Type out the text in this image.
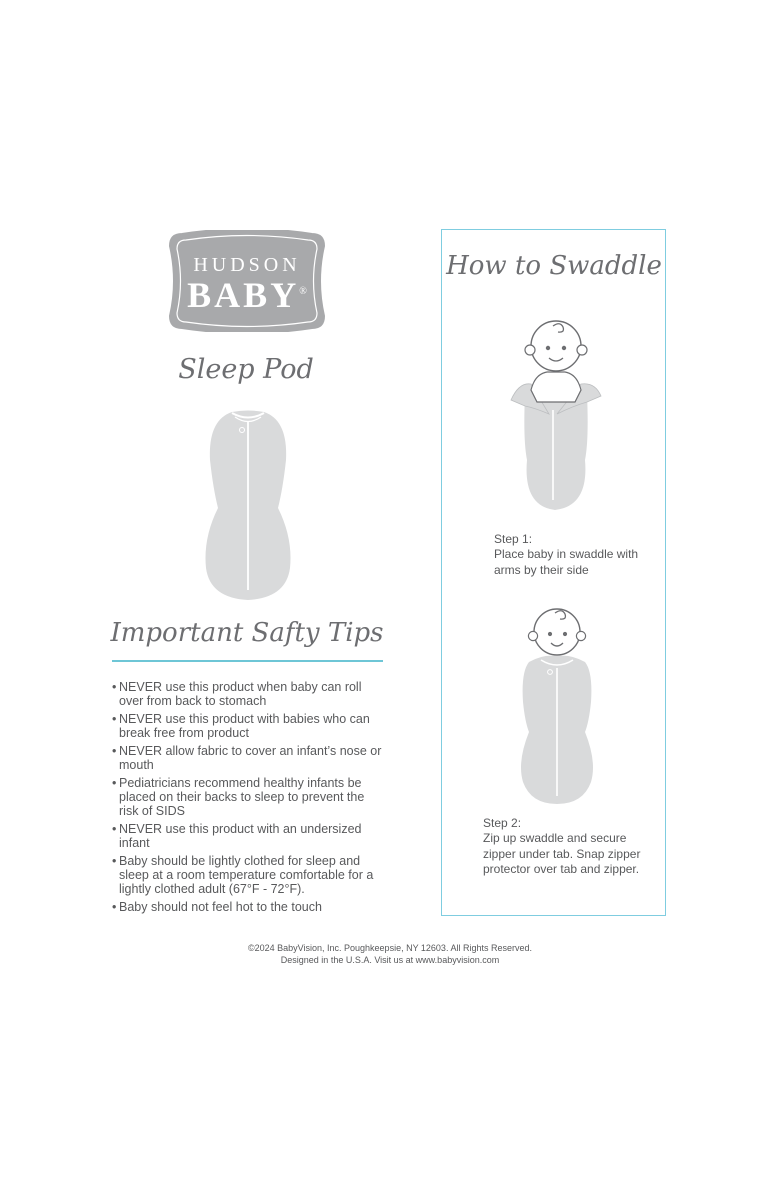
HUDSON
BABY®
Sleep Pod
Important Safty Tips
• NEVER use this product when baby can roll over from back to stomach
• NEVER use this product with babies who can break free from product
• NEVER allow fabric to cover an infant’s nose or mouth
• Pediatricians recommend healthy infants be placed on their backs to sleep to prevent the risk of SIDS
• NEVER use this product with an undersized infant
• Baby should be lightly clothed for sleep and sleep at a room temperature comfortable for a lightly clothed adult (67°F - 72°F).
• Baby should not feel hot to the touch
How to Swaddle
Step 1:
Place baby in swaddle with arms by their side
Step 2:
Zip up swaddle and secure zipper under tab. Snap zipper protector over tab and zipper.
©2024 BabyVision, Inc. Poughkeepsie, NY 12603. All Rights Reserved.
Designed in the U.S.A. Visit us at www.babyvision.com
